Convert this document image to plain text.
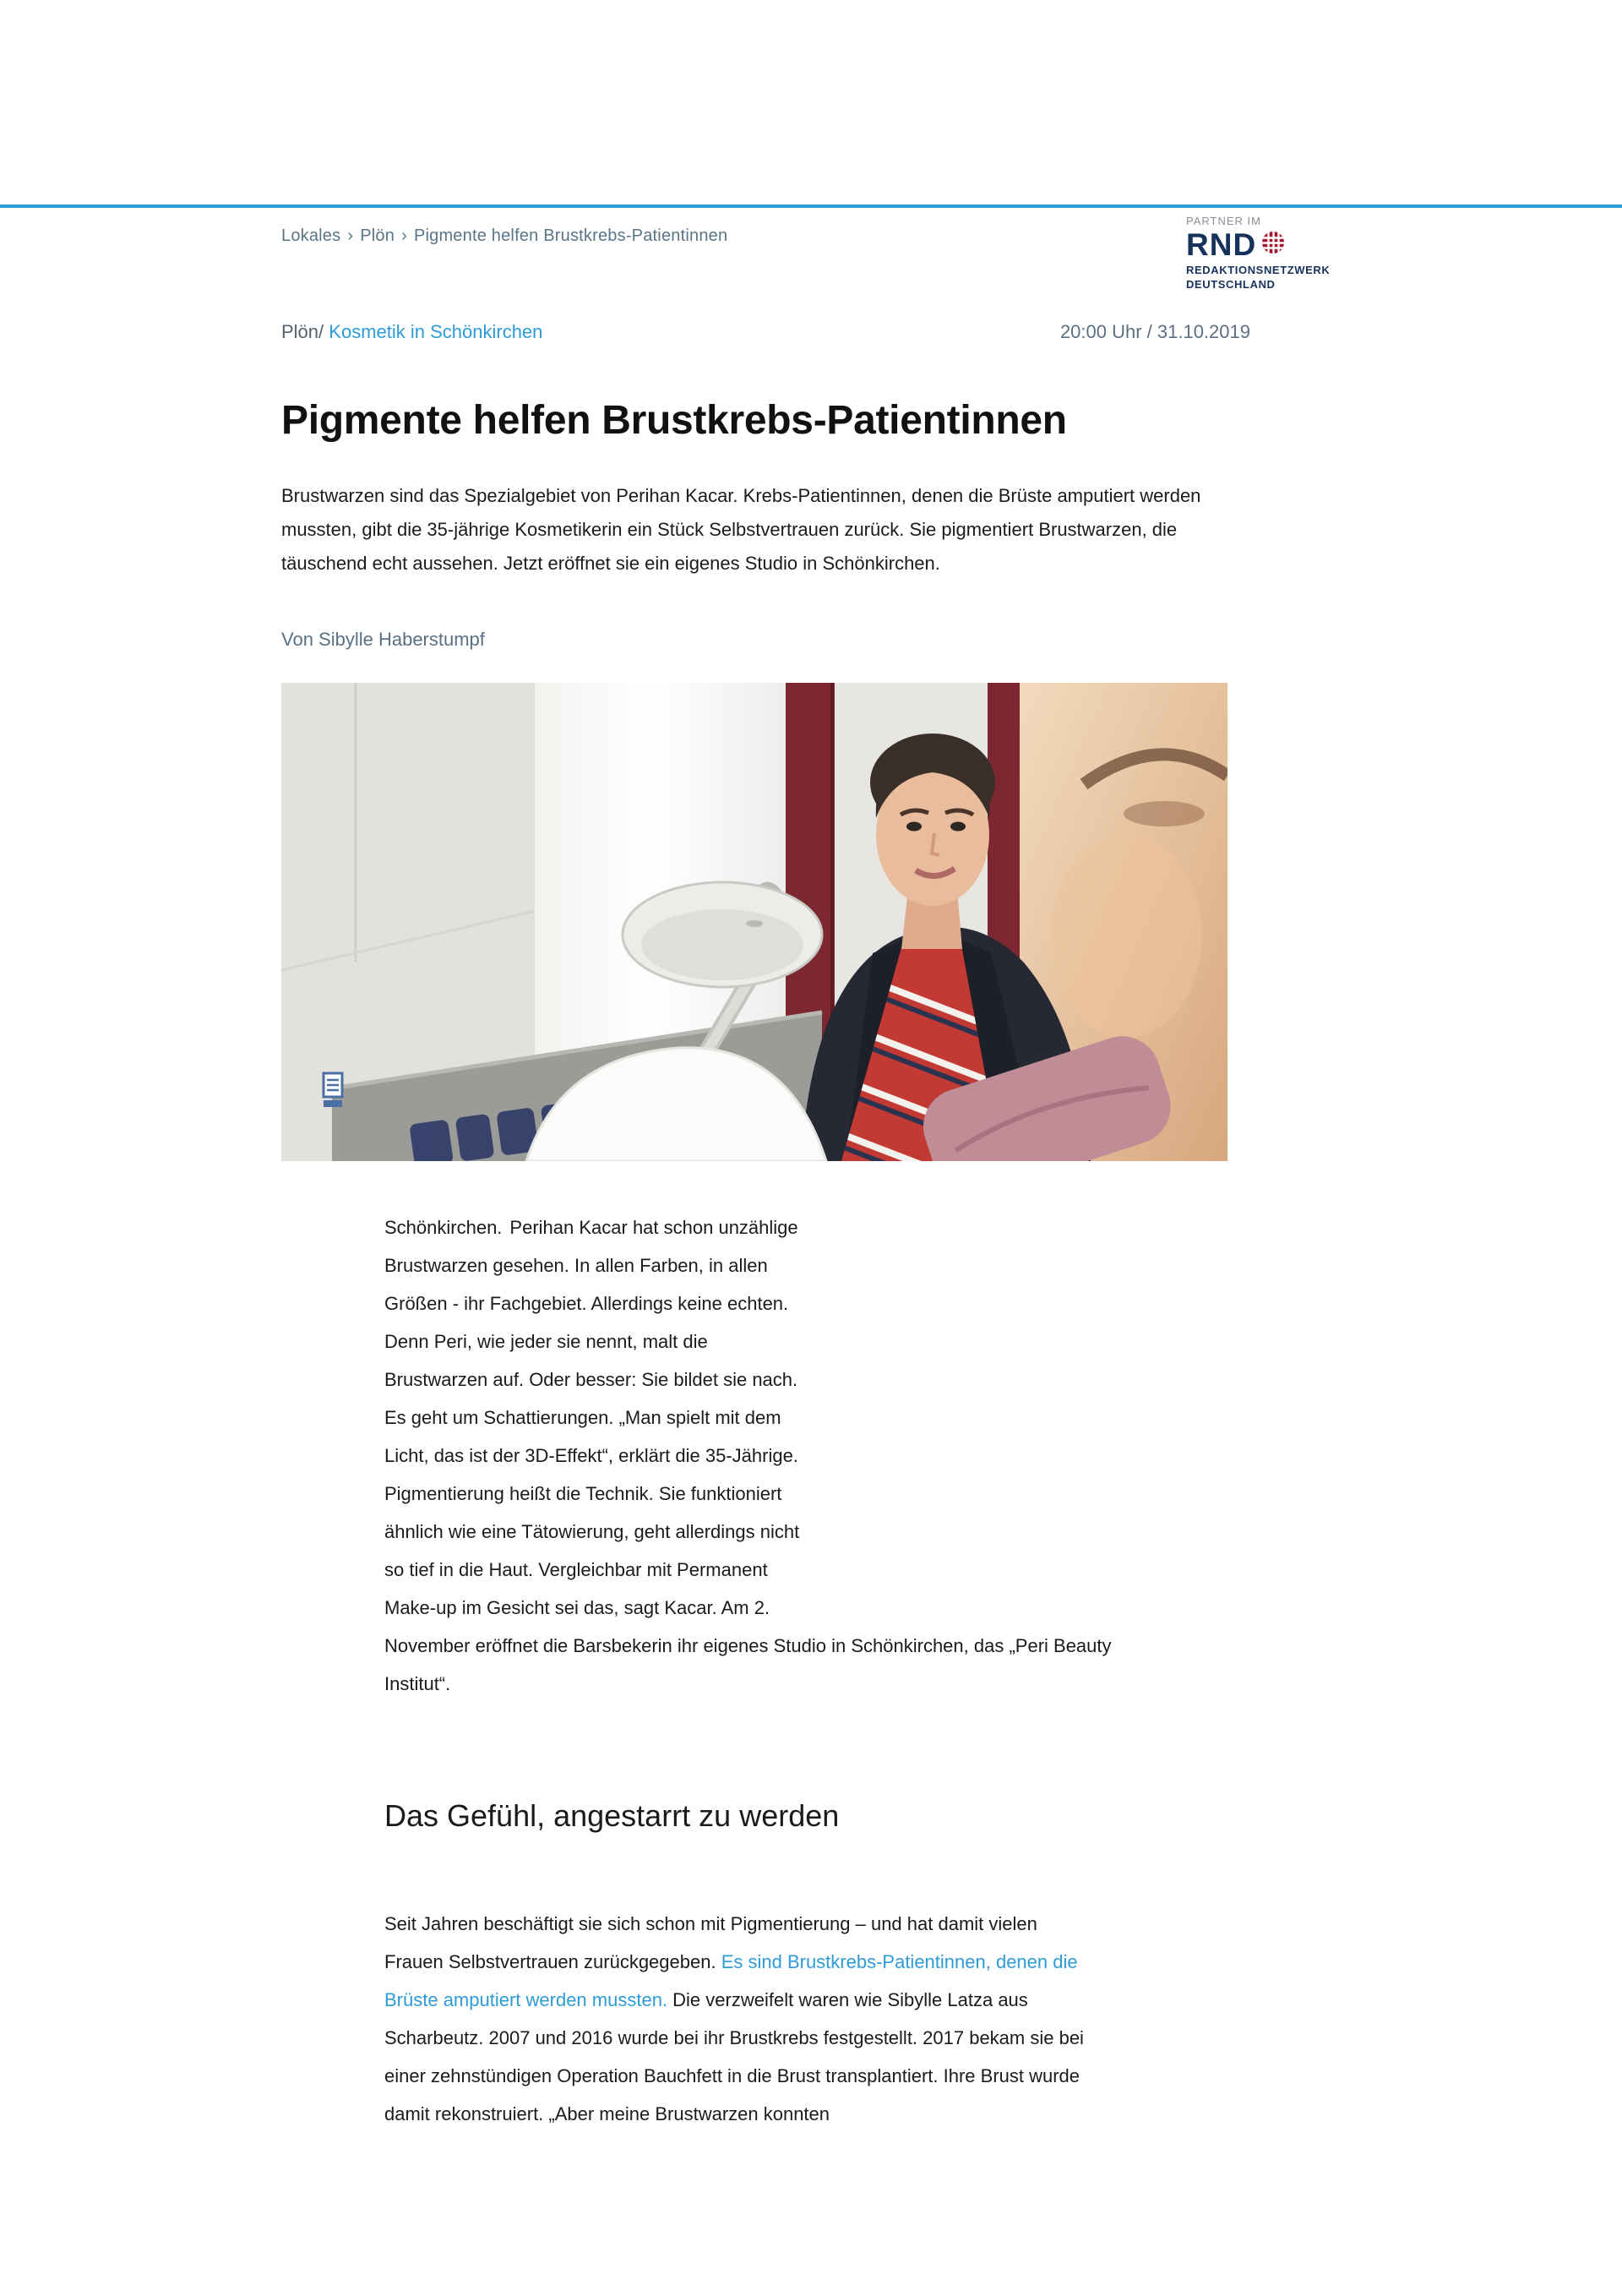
Lokales › Plön › Pigmente helfen Brustkrebs-Patientinnen
PARTNER IM
RND
REDAKTIONSNETZWERK
DEUTSCHLAND
Plön/ Kosmetik in Schönkirchen	20:00 Uhr / 31.10.2019
Pigmente helfen Brustkrebs-Patientinnen

Brustwarzen sind das Spezialgebiet von Perihan Kacar. Krebs-Patientinnen, denen die Brüste amputiert werden mussten, gibt die 35-jährige Kosmetikerin ein Stück Selbstvertrauen zurück. Sie pigmentiert Brustwarzen, die täuschend echt aussehen. Jetzt eröffnet sie ein eigenes Studio in Schönkirchen.

Von Sibylle Haberstumpf

Schönkirchen. Perihan Kacar hat schon unzählige Brustwarzen gesehen. In allen Farben, in allen Größen - ihr Fachgebiet. Allerdings keine echten. Denn Peri, wie jeder sie nennt, malt die Brustwarzen auf. Oder besser: Sie bildet sie nach. Es geht um Schattierungen. „Man spielt mit dem Licht, das ist der 3D-Effekt“, erklärt die 35-Jährige. Pigmentierung heißt die Technik. Sie funktioniert ähnlich wie eine Tätowierung, geht allerdings nicht so tief in die Haut. Vergleichbar mit Permanent Make-up im Gesicht sei das, sagt Kacar. Am 2. November eröffnet die Barsbekerin ihr eigenes Studio in Schönkirchen, das „Peri Beauty Institut“.

Das Gefühl, angestarrt zu werden

Seit Jahren beschäftigt sie sich schon mit Pigmentierung – und hat damit vielen Frauen Selbstvertrauen zurückgegeben. Es sind Brustkrebs-Patientinnen, denen die Brüste amputiert werden mussten. Die verzweifelt waren wie Sibylle Latza aus Scharbeutz. 2007 und 2016 wurde bei ihr Brustkrebs festgestellt. 2017 bekam sie bei einer zehnstündigen Operation Bauchfett in die Brust transplantiert. Ihre Brust wurde damit rekonstruiert. „Aber meine Brustwarzen konnten
